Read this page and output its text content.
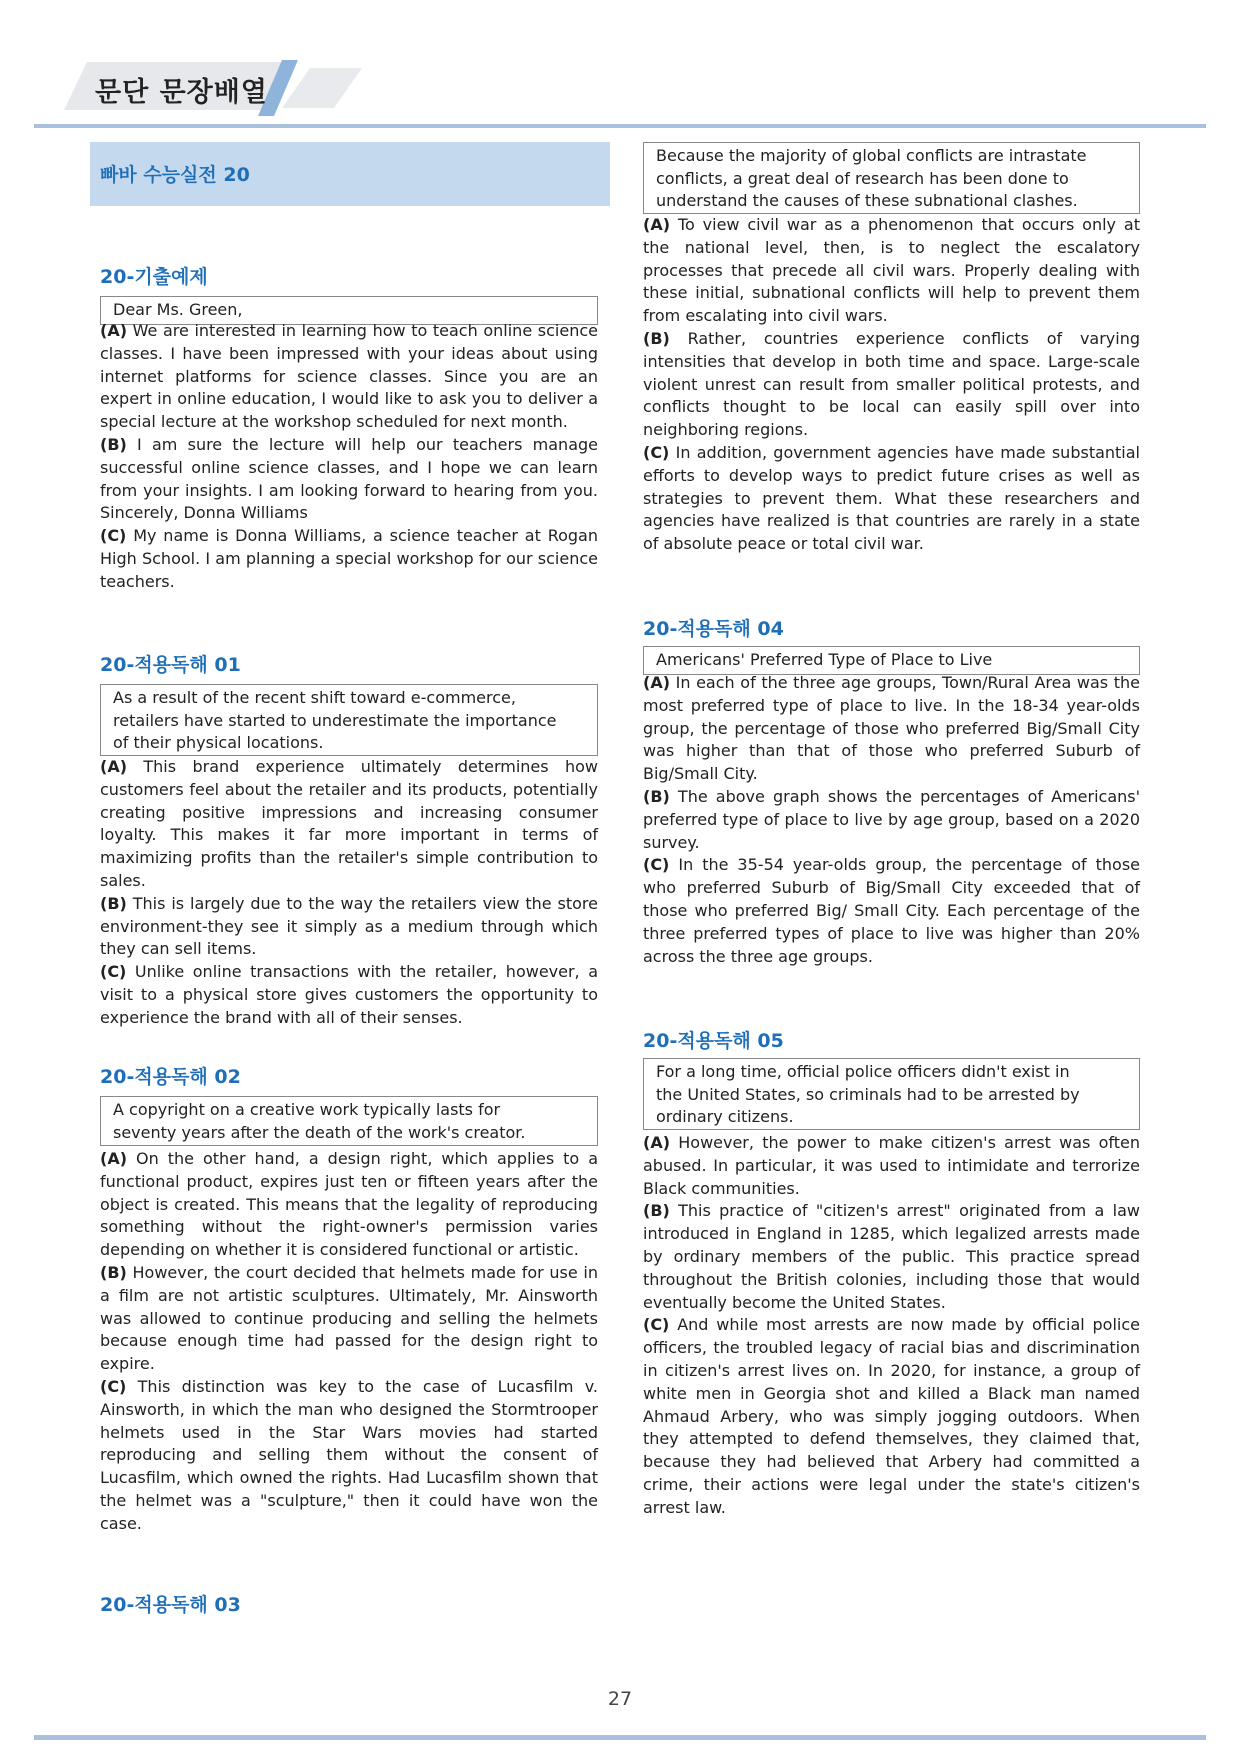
문단 문장배열
빠바 수능실전 20
20-기출예제
Dear Ms. Green,
(A) We are interested in learning how to teach online science classes. I have been impressed with your ideas about using internet platforms for science classes. Since you are an expert in online education, I would like to ask you to deliver a special lecture at the workshop scheduled for next month.
(B) I am sure the lecture will help our teachers manage successful online science classes, and I hope we can learn from your insights. I am looking forward to hearing from you. Sincerely, Donna Williams
(C) My name is Donna Williams, a science teacher at Rogan High School. I am planning a special workshop for our science teachers.
20-적용독해 01
As a result of the recent shift toward e-commerce,
retailers have started to underestimate the importance
of their physical locations.
(A) This brand experience ultimately determines how customers feel about the retailer and its products, potentially creating positive impressions and increasing consumer loyalty. This makes it far more important in terms of maximizing profits than the retailer's simple contribution to sales.
(B) This is largely due to the way the retailers view the store environment-they see it simply as a medium through which they can sell items.
(C) Unlike online transactions with the retailer, however, a visit to a physical store gives customers the opportunity to experience the brand with all of their senses.
20-적용독해 02
A copyright on a creative work typically lasts for
seventy years after the death of the work's creator.
(A) On the other hand, a design right, which applies to a functional product, expires just ten or fifteen years after the object is created. This means that the legality of reproducing something without the right-owner's permission varies depending on whether it is considered functional or artistic.
(B) However, the court decided that helmets made for use in a film are not artistic sculptures. Ultimately, Mr. Ainsworth was allowed to continue producing and selling the helmets because enough time had passed for the design right to expire.
(C) This distinction was key to the case of Lucasfilm v. Ainsworth, in which the man who designed the Stormtrooper helmets used in the Star Wars movies had started reproducing and selling them without the consent of Lucasfilm, which owned the rights. Had Lucasfilm shown that the helmet was a "sculpture," then it could have won the case.
20-적용독해 03
Because the majority of global conflicts are intrastate
conflicts, a great deal of research has been done to
understand the causes of these subnational clashes.
(A) To view civil war as a phenomenon that occurs only at the national level, then, is to neglect the escalatory processes that precede all civil wars. Properly dealing with these initial, subnational conflicts will help to prevent them from escalating into civil wars.
(B) Rather, countries experience conflicts of varying intensities that develop in both time and space. Large-scale violent unrest can result from smaller political protests, and conflicts thought to be local can easily spill over into neighboring regions.
(C) In addition, government agencies have made substantial efforts to develop ways to predict future crises as well as strategies to prevent them. What these researchers and agencies have realized is that countries are rarely in a state of absolute peace or total civil war.
20-적용독해 04
Americans' Preferred Type of Place to Live
(A) In each of the three age groups, Town/Rural Area was the most preferred type of place to live. In the 18-34 year-olds group, the percentage of those who preferred Big/Small City was higher than that of those who preferred Suburb of Big/Small City.
(B) The above graph shows the percentages of Americans' preferred type of place to live by age group, based on a 2020 survey.
(C) In the 35-54 year-olds group, the percentage of those who preferred Suburb of Big/Small City exceeded that of those who preferred Big/ Small City. Each percentage of the three preferred types of place to live was higher than 20% across the three age groups.
20-적용독해 05
For a long time, official police officers didn't exist in
the United States, so criminals had to be arrested by
ordinary citizens.
(A) However, the power to make citizen's arrest was often abused. In particular, it was used to intimidate and terrorize Black communities.
(B) This practice of "citizen's arrest" originated from a law introduced in England in 1285, which legalized arrests made by ordinary members of the public. This practice spread throughout the British colonies, including those that would eventually become the United States.
(C) And while most arrests are now made by official police officers, the troubled legacy of racial bias and discrimination in citizen's arrest lives on. In 2020, for instance, a group of white men in Georgia shot and killed a Black man named Ahmaud Arbery, who was simply jogging outdoors. When they attempted to defend themselves, they claimed that, because they had believed that Arbery had committed a crime, their actions were legal under the state's citizen's arrest law.
27
